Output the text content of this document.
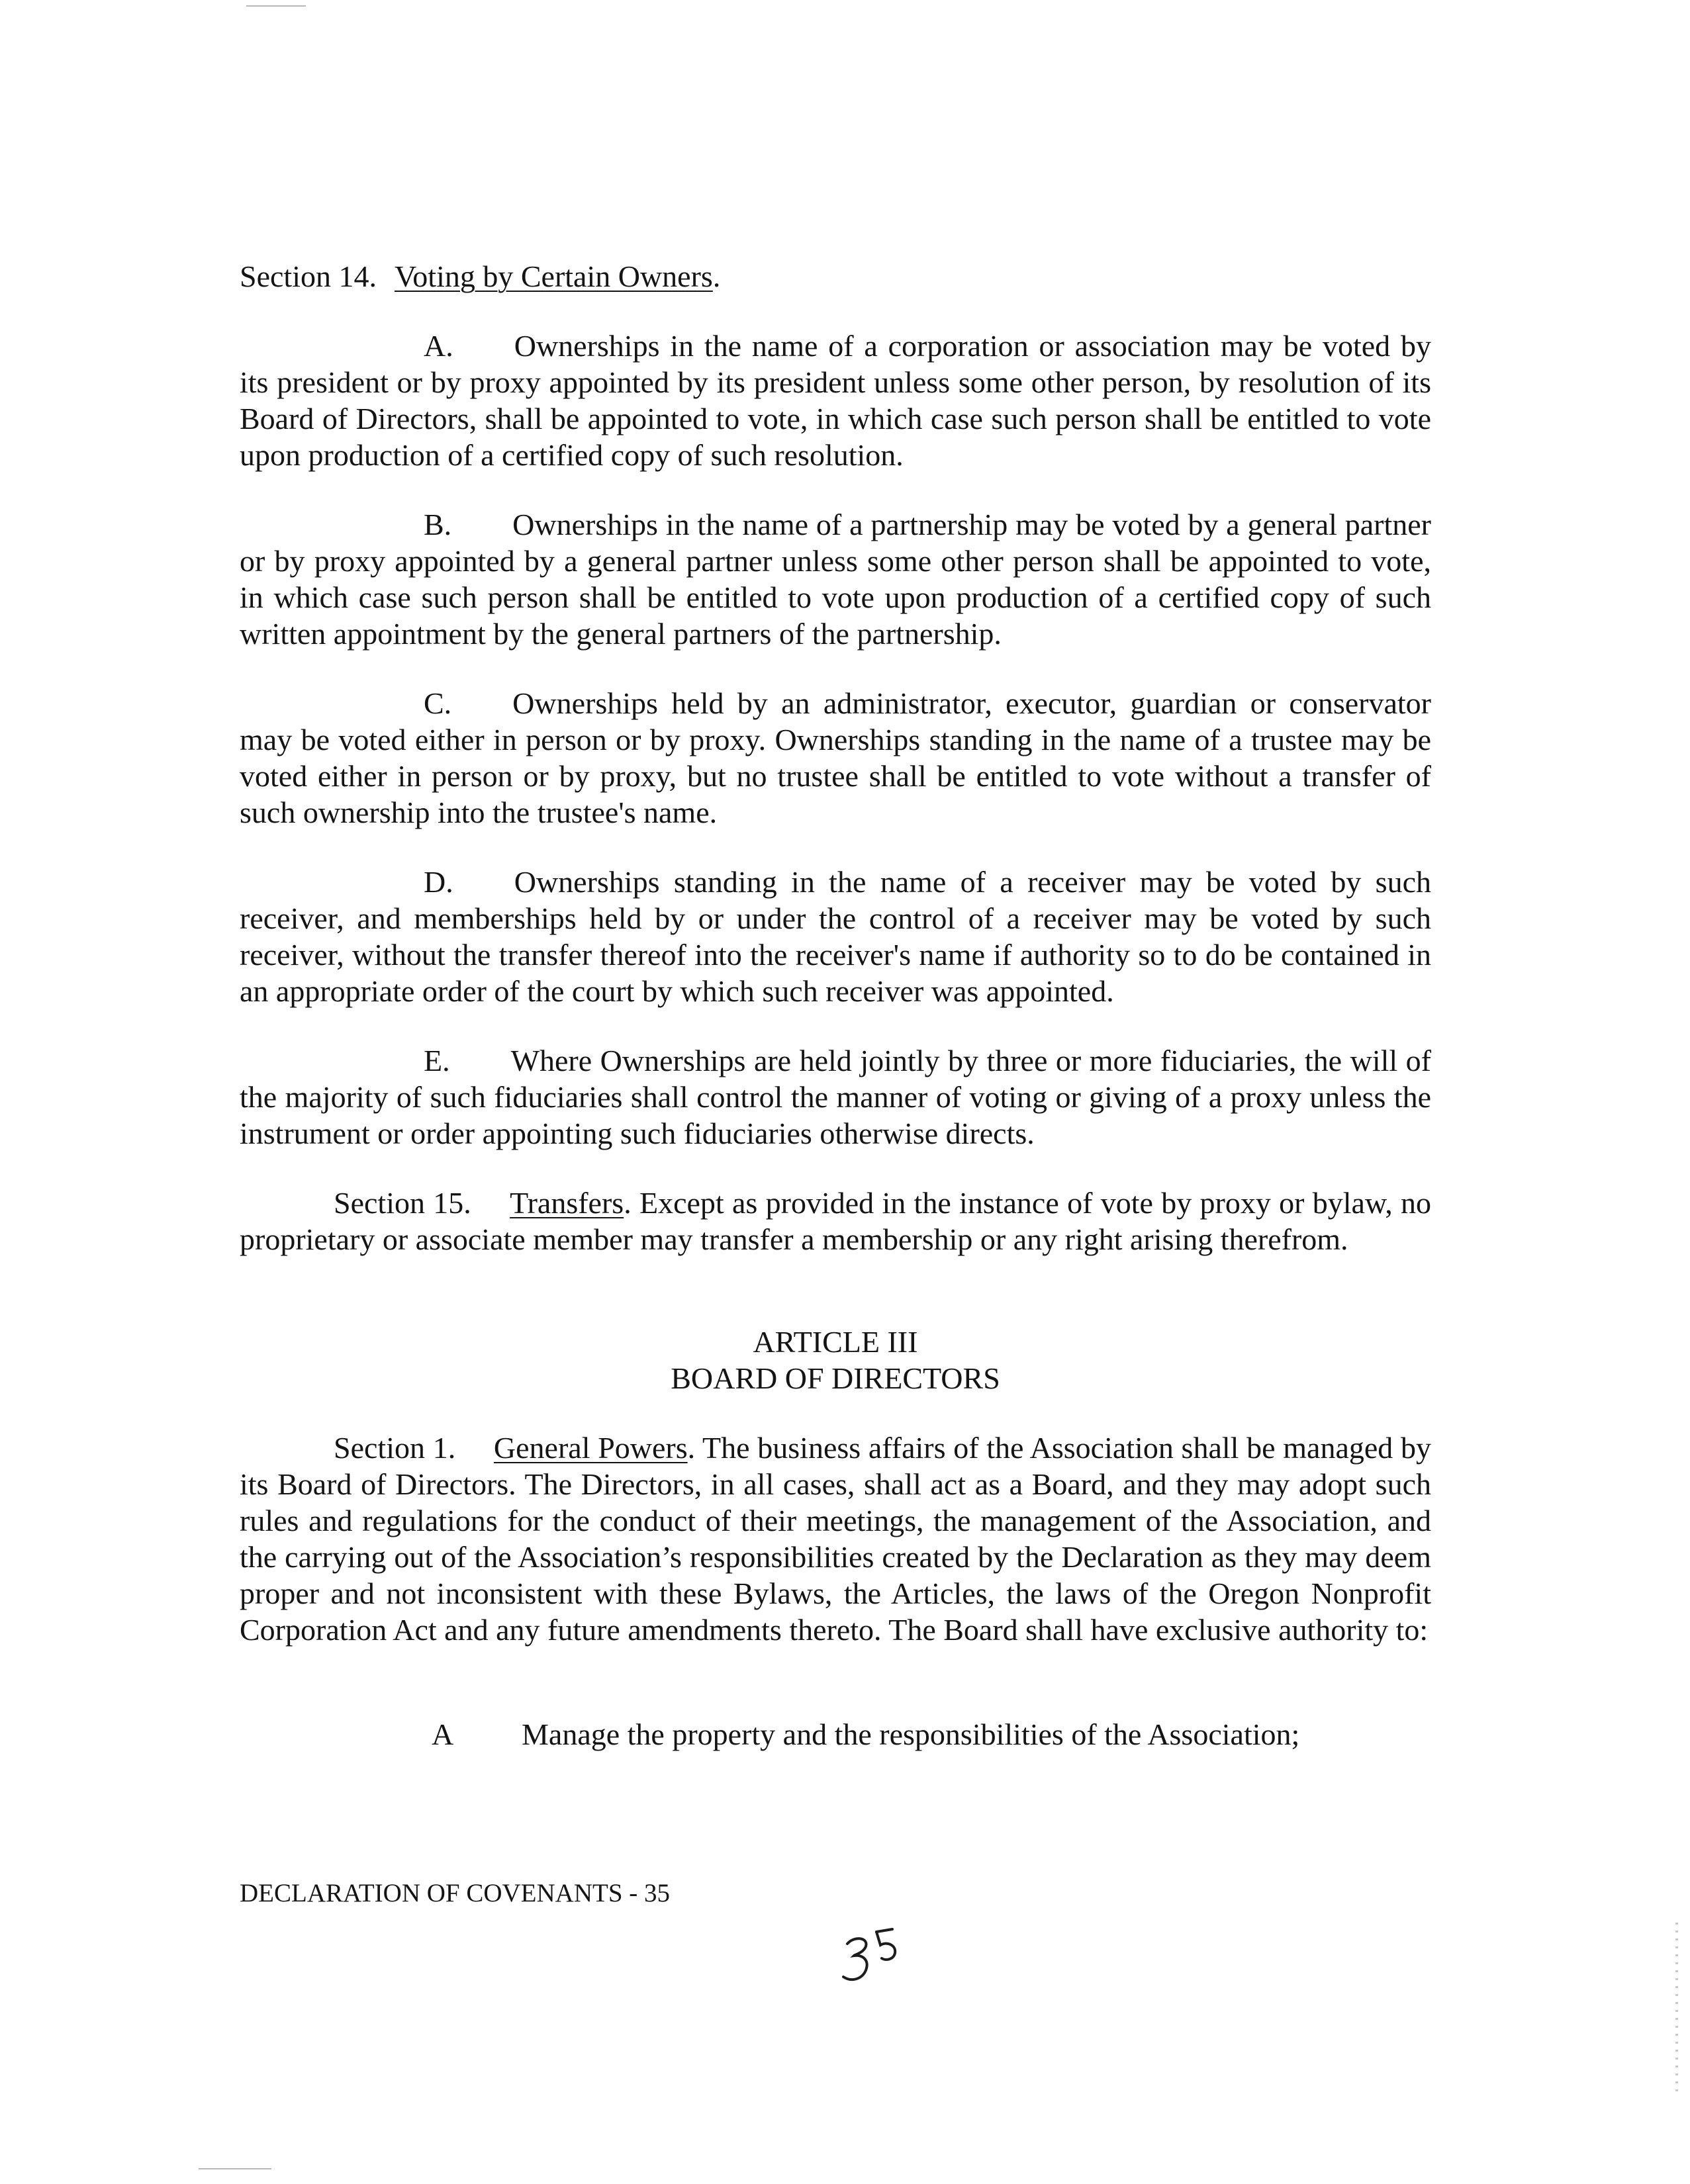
Section 14. Voting by Certain Owners.

A.  Ownerships in the name of a corporation or association may be voted by its president or by proxy appointed by its president unless some other person, by resolution of its Board of Directors, shall be appointed to vote, in which case such person shall be entitled to vote upon production of a certified copy of such resolution.

B.  Ownerships in the name of a partnership may be voted by a general partner or by proxy appointed by a general partner unless some other person shall be appointed to vote, in which case such person shall be entitled to vote upon production of a certified copy of such written appointment by the general partners of the partnership.

C.  Ownerships held by an administrator, executor, guardian or conservator may be voted either in person or by proxy. Ownerships standing in the name of a trustee may be voted either in person or by proxy, but no trustee shall be entitled to vote without a transfer of such ownership into the trustee's name.

D.  Ownerships standing in the name of a receiver may be voted by such receiver, and memberships held by or under the control of a receiver may be voted by such receiver, without the transfer thereof into the receiver's name if authority so to do be contained in an appropriate order of the court by which such receiver was appointed.

E.  Where Ownerships are held jointly by three or more fiduciaries, the will of the majority of such fiduciaries shall control the manner of voting or giving of a proxy unless the instrument or order appointing such fiduciaries otherwise directs.

Section 15.  Transfers. Except as provided in the instance of vote by proxy or bylaw, no proprietary or associate member may transfer a membership or any right arising therefrom.

ARTICLE III
BOARD OF DIRECTORS

Section 1.  General Powers. The business affairs of the Association shall be managed by its Board of Directors. The Directors, in all cases, shall act as a Board, and they may adopt such rules and regulations for the conduct of their meetings, the management of the Association, and the carrying out of the Association’s responsibilities created by the Declaration as they may deem proper and not inconsistent with these Bylaws, the Articles, the laws of the Oregon Nonprofit Corporation Act and any future amendments thereto. The Board shall have exclusive authority to:

A Manage the property and the responsibilities of the Association;
DECLARATION OF COVENANTS - 35
